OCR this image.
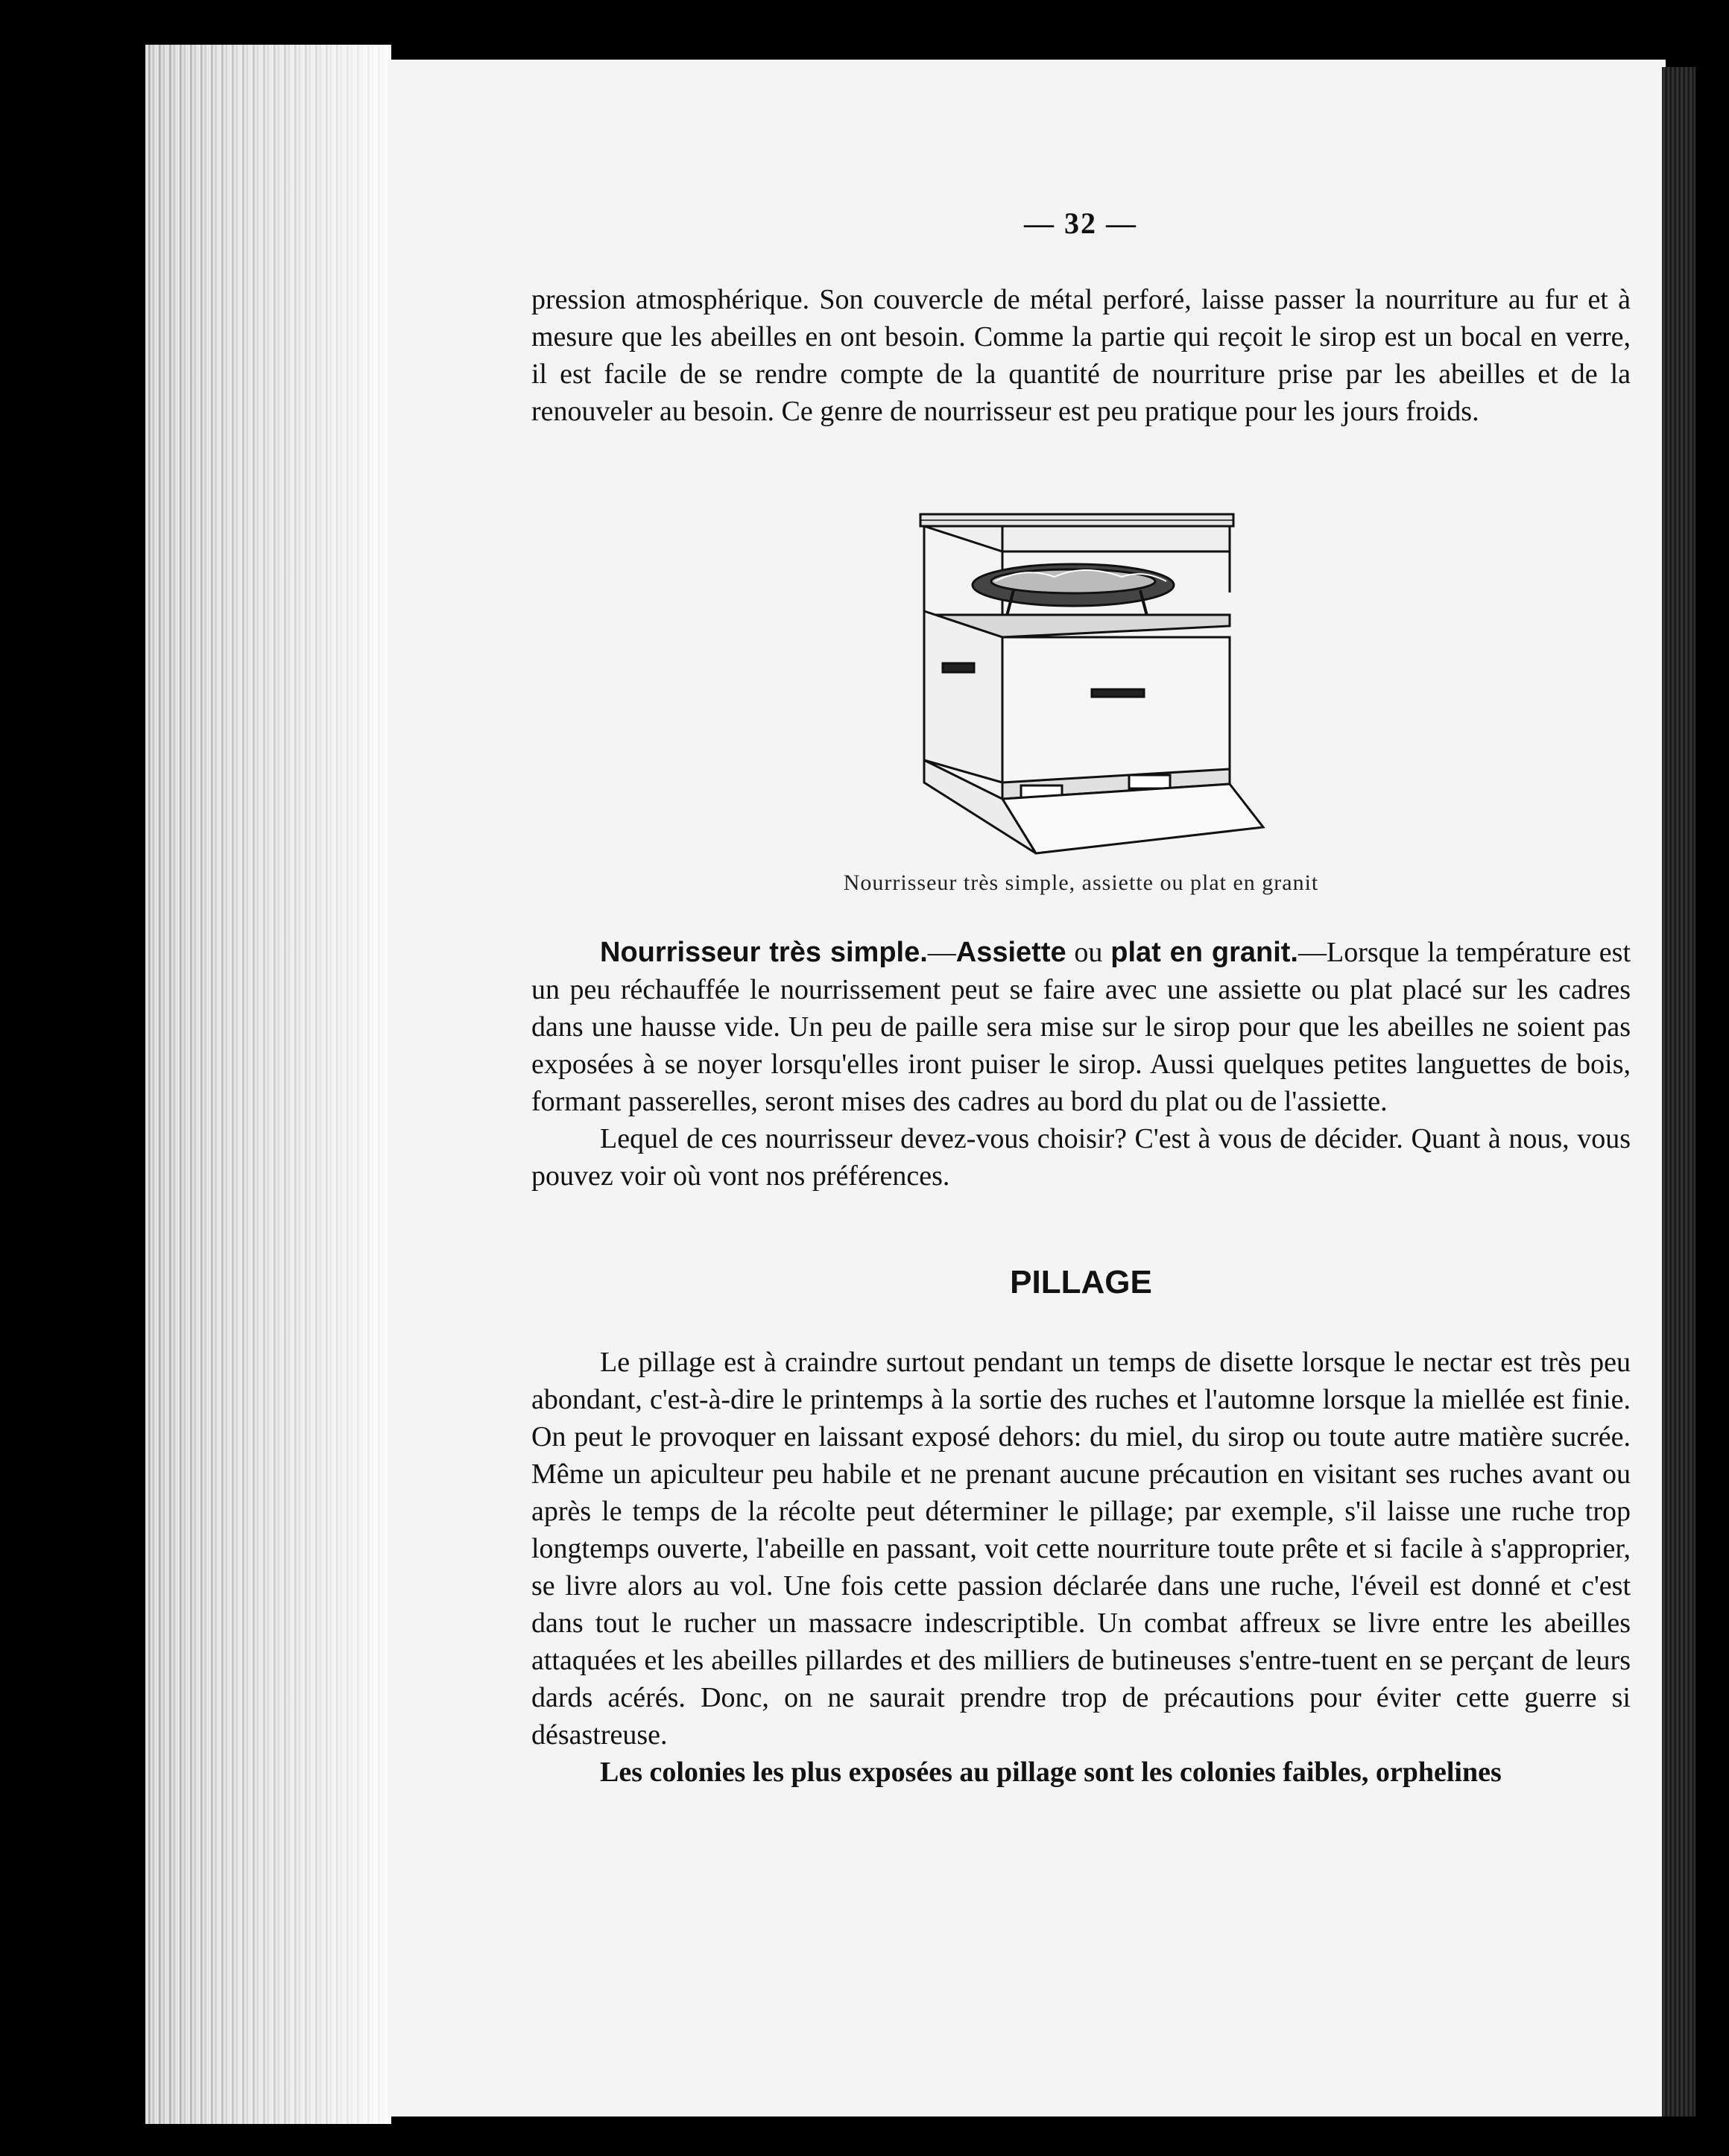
— 32 —

pression atmosphérique. Son couvercle de métal perforé, laisse passer la nourriture au fur et à mesure que les abeilles en ont besoin. Comme la partie qui reçoit le sirop est un bocal en verre, il est facile de se rendre compte de la quantité de nourriture prise par les abeilles et de la renouveler au besoin. Ce genre de nourrisseur est peu pratique pour les jours froids.

Nourrisseur très simple, assiette ou plat en granit

Nourrisseur très simple.—Assiette ou plat en granit.—Lorsque la température est un peu réchauffée le nourrissement peut se faire avec une assiette ou plat placé sur les cadres dans une hausse vide. Un peu de paille sera mise sur le sirop pour que les abeilles ne soient pas exposées à se noyer lorsqu'elles iront puiser le sirop. Aussi quelques petites languettes de bois, formant passerelles, seront mises des cadres au bord du plat ou de l'assiette.

Lequel de ces nourrisseur devez-vous choisir? C'est à vous de décider. Quant à nous, vous pouvez voir où vont nos préférences.

PILLAGE

Le pillage est à craindre surtout pendant un temps de disette lorsque le nectar est très peu abondant, c'est-à-dire le printemps à la sortie des ruches et l'automne lorsque la miellée est finie. On peut le provoquer en laissant exposé dehors: du miel, du sirop ou toute autre matière sucrée. Même un apiculteur peu habile et ne prenant aucune précaution en visitant ses ruches avant ou après le temps de la récolte peut déterminer le pillage; par exemple, s'il laisse une ruche trop longtemps ouverte, l'abeille en passant, voit cette nourriture toute prête et si facile à s'approprier, se livre alors au vol. Une fois cette passion déclarée dans une ruche, l'éveil est donné et c'est dans tout le rucher un massacre indescriptible. Un combat affreux se livre entre les abeilles attaquées et les abeilles pillardes et des milliers de butineuses s'entre-tuent en se perçant de leurs dards acérés. Donc, on ne saurait prendre trop de précautions pour éviter cette guerre si désastreuse.

Les colonies les plus exposées au pillage sont les colonies faibles, orphelines
